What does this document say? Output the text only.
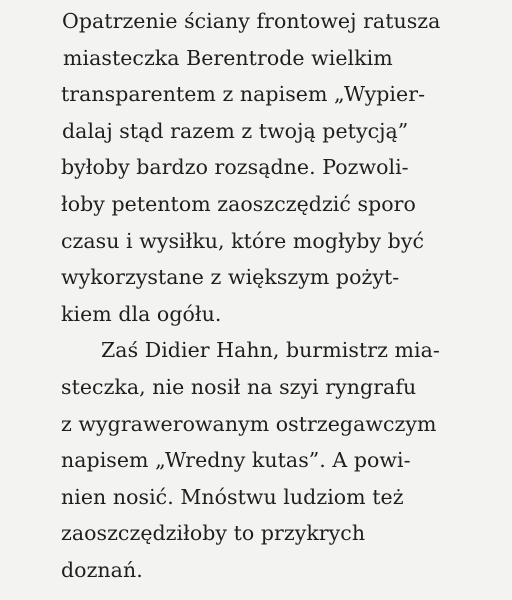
Opatrzenie ściany frontowej ratusza
miasteczka Berentrode wielkim
transparentem z napisem „Wypier-
dalaj stąd razem z twoją petycją”
byłoby bardzo rozsądne. Pozwoli-
łoby petentom zaoszczędzić sporo
czasu i wysiłku, które mogłyby być
wykorzystane z większym pożyt-
kiem dla ogółu.
Zaś Didier Hahn, burmistrz mia-
steczka, nie nosił na szyi ryngrafu
z wygrawerowanym ostrzegawczym
napisem „Wredny kutas”. A powi-
nien nosić. Mnóstwu ludziom też
zaoszczędziłoby to przykrych
doznań.
